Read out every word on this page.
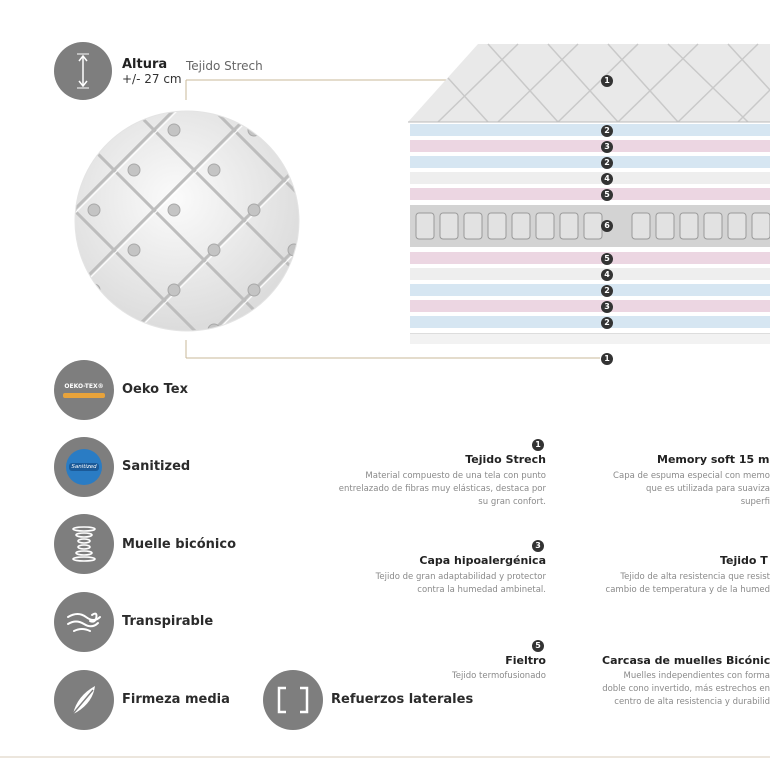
Altura
+/- 27 cm
Tejido Strech
1
2
3
2
4
5
6
5
4
2
3
2
1
OEKO-TEX®	Oeko Tex
Sanitized Sanitized
Muelle bicónico
Transpirable
Firmeza media	Refuerzos laterales
1
Tejido Strech
Material compuesto de una tela con punto
entrelazado de fibras muy elásticas, destaca por
su gran confort.
Memory soft 15 m
Capa de espuma especial con memo
que es utilizada para suaviza
superfi
3
Capa hipoalergénica
Tejido de gran adaptabilidad y protector
contra la humedad ambinetal.
Tejido T
Tejido de alta resistencia que resist
cambio de temperatura y de la humed
5
Fieltro
Tejido termofusionado
Carcasa de muelles Bicónic
Muelles independientes con forma
doble cono invertido, más estrechos en
centro de alta resistencia y durabilid
